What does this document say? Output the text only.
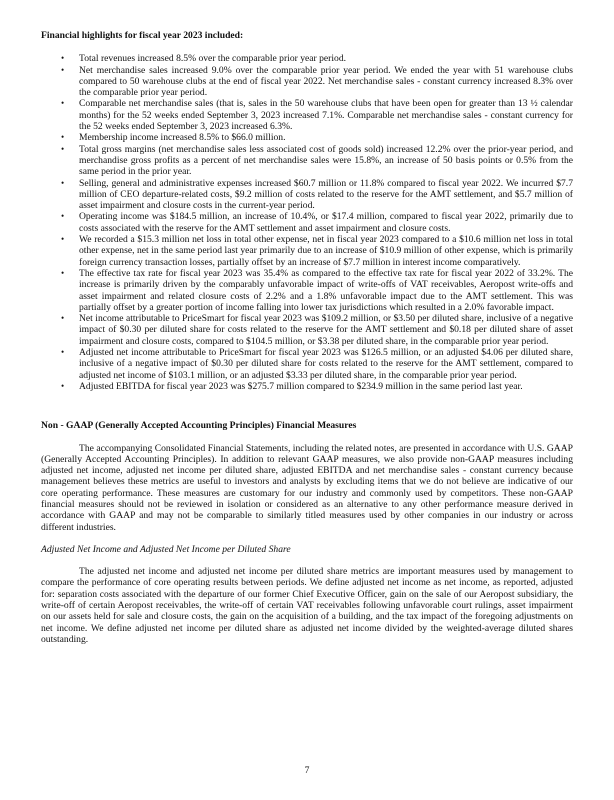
Financial highlights for fiscal year 2023 included:
• Total revenues increased 8.5% over the comparable prior year period.
• Net merchandise sales increased 9.0% over the comparable prior year period. We ended the year with 51 warehouse clubs compared to 50 warehouse clubs at the end of fiscal year 2022. Net merchandise sales - constant currency increased 8.3% over the comparable prior year period.
• Comparable net merchandise sales (that is, sales in the 50 warehouse clubs that have been open for greater than 13 ½ calendar months) for the 52 weeks ended September 3, 2023 increased 7.1%. Comparable net merchandise sales - constant currency for the 52 weeks ended September 3, 2023 increased 6.3%.
• Membership income increased 8.5% to $66.0 million.
• Total gross margins (net merchandise sales less associated cost of goods sold) increased 12.2% over the prior-year period, and merchandise gross profits as a percent of net merchandise sales were 15.8%, an increase of 50 basis points or 0.5% from the same period in the prior year.
• Selling, general and administrative expenses increased $60.7 million or 11.8% compared to fiscal year 2022. We incurred $7.7 million of CEO departure-related costs, $9.2 million of costs related to the reserve for the AMT settlement, and $5.7 million of asset impairment and closure costs in the current-year period.
• Operating income was $184.5 million, an increase of 10.4%, or $17.4 million, compared to fiscal year 2022, primarily due to costs associated with the reserve for the AMT settlement and asset impairment and closure costs.
• We recorded a $15.3 million net loss in total other expense, net in fiscal year 2023 compared to a $10.6 million net loss in total other expense, net in the same period last year primarily due to an increase of $10.9 million of other expense, which is primarily foreign currency transaction losses, partially offset by an increase of $7.7 million in interest income comparatively.
• The effective tax rate for fiscal year 2023 was 35.4% as compared to the effective tax rate for fiscal year 2022 of 33.2%. The increase is primarily driven by the comparably unfavorable impact of write-offs of VAT receivables, Aeropost write-offs and asset impairment and related closure costs of 2.2% and a 1.8% unfavorable impact due to the AMT settlement. This was partially offset by a greater portion of income falling into lower tax jurisdictions which resulted in a 2.0% favorable impact.
• Net income attributable to PriceSmart for fiscal year 2023 was $109.2 million, or $3.50 per diluted share, inclusive of a negative impact of $0.30 per diluted share for costs related to the reserve for the AMT settlement and $0.18 per diluted share of asset impairment and closure costs, compared to $104.5 million, or $3.38 per diluted share, in the comparable prior year period.
• Adjusted net income attributable to PriceSmart for fiscal year 2023 was $126.5 million, or an adjusted $4.06 per diluted share, inclusive of a negative impact of $0.30 per diluted share for costs related to the reserve for the AMT settlement, compared to adjusted net income of $103.1 million, or an adjusted $3.33 per diluted share, in the comparable prior year period.
• Adjusted EBITDA for fiscal year 2023 was $275.7 million compared to $234.9 million in the same period last year.
Non - GAAP (Generally Accepted Accounting Principles) Financial Measures

The accompanying Consolidated Financial Statements, including the related notes, are presented in accordance with U.S. GAAP (Generally Accepted Accounting Principles). In addition to relevant GAAP measures, we also provide non-GAAP measures including adjusted net income, adjusted net income per diluted share, adjusted EBITDA and net merchandise sales - constant currency because management believes these metrics are useful to investors and analysts by excluding items that we do not believe are indicative of our core operating performance. These measures are customary for our industry and commonly used by competitors. These non-GAAP financial measures should not be reviewed in isolation or considered as an alternative to any other performance measure derived in accordance with GAAP and may not be comparable to similarly titled measures used by other companies in our industry or across different industries.

Adjusted Net Income and Adjusted Net Income per Diluted Share

The adjusted net income and adjusted net income per diluted share metrics are important measures used by management to compare the performance of core operating results between periods. We define adjusted net income as net income, as reported, adjusted for: separation costs associated with the departure of our former Chief Executive Officer, gain on the sale of our Aeropost subsidiary, the write-off of certain Aeropost receivables, the write-off of certain VAT receivables following unfavorable court rulings, asset impairment on our assets held for sale and closure costs, the gain on the acquisition of a building, and the tax impact of the foregoing adjustments on net income. We define adjusted net income per diluted share as adjusted net income divided by the weighted-average diluted shares outstanding.

7
